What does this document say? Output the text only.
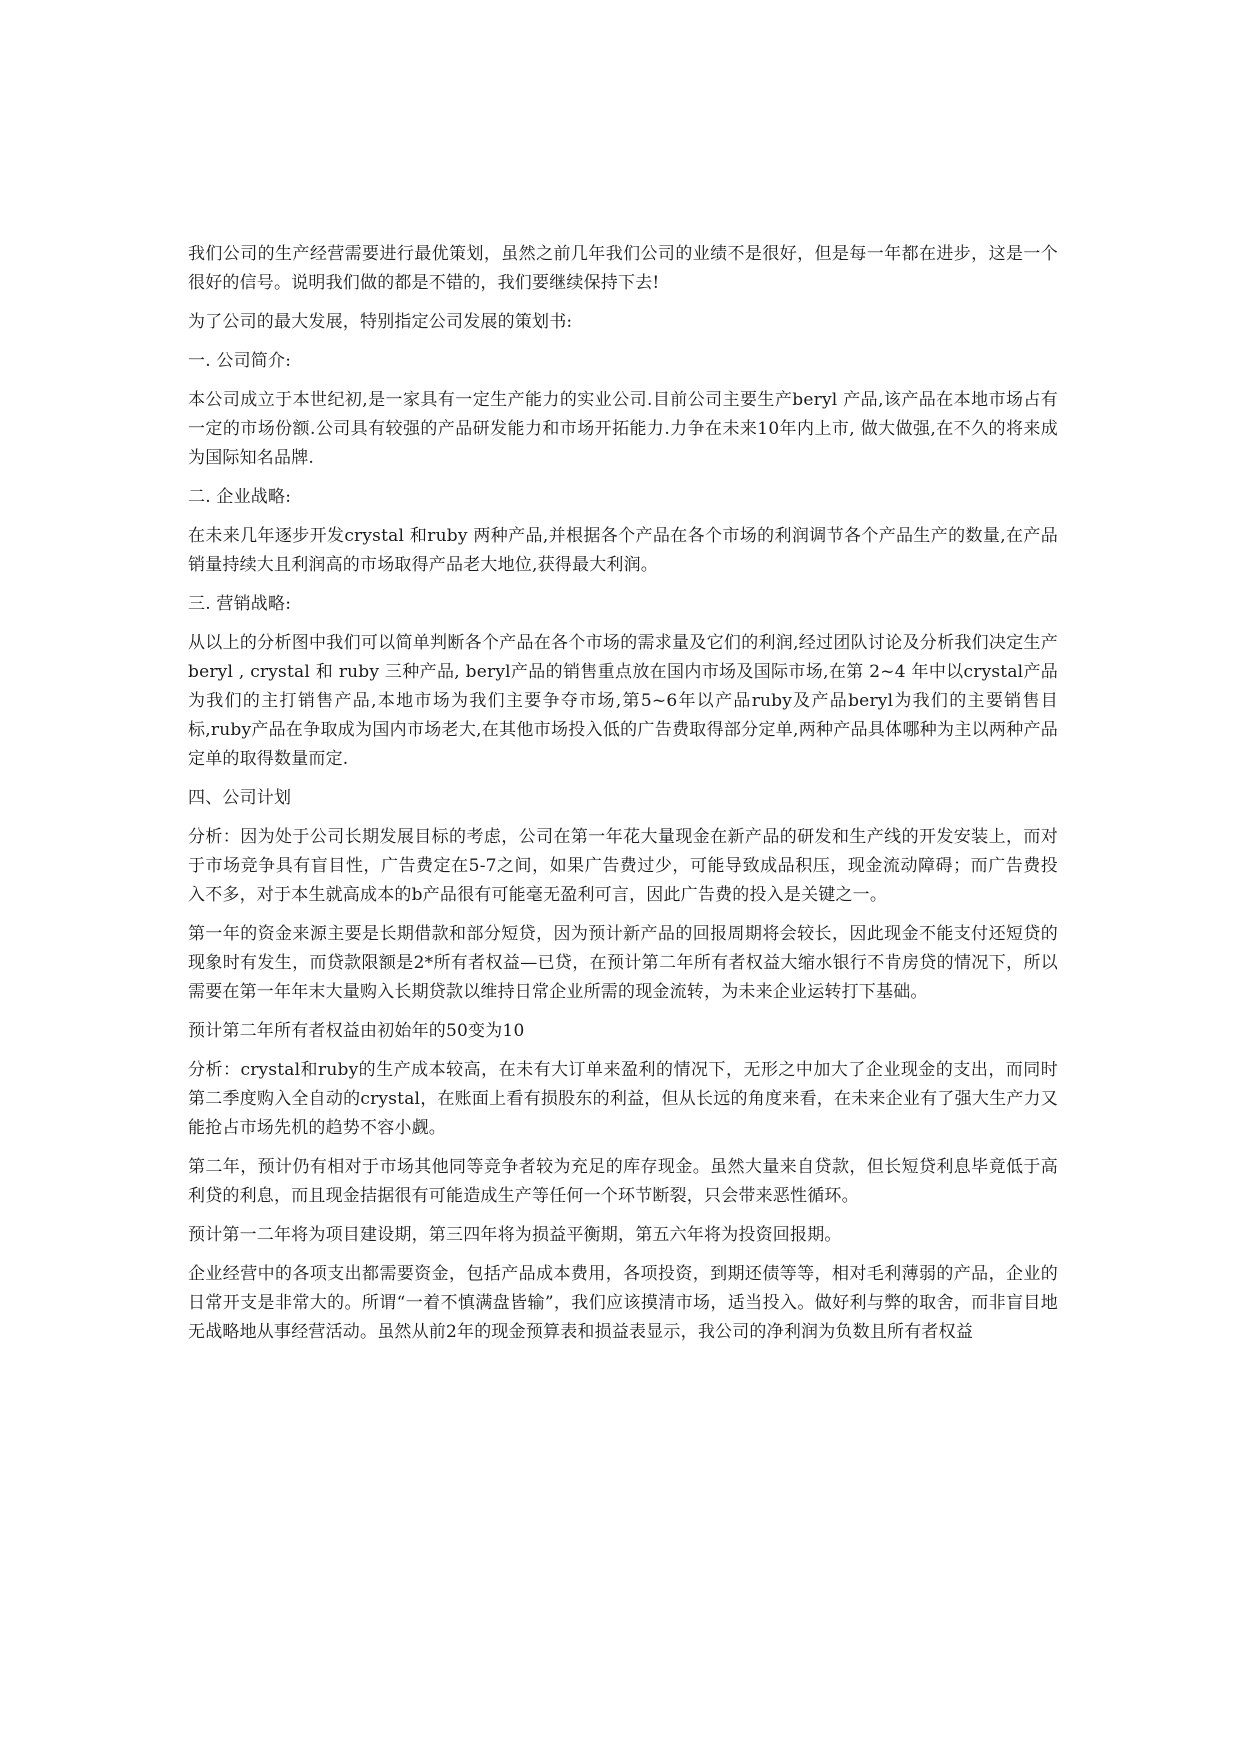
我们公司的生产经营需要进行最优策划，虽然之前几年我们公司的业绩不是很好，但是每一年都在进步，这是一个很好的信号。说明我们做的都是不错的，我们要继续保持下去!

为了公司的最大发展，特别指定公司发展的策划书:

一. 公司简介:

本公司成立于本世纪初,是一家具有一定生产能力的实业公司.目前公司主要生产beryl 产品,该产品在本地市场占有一定的市场份额.公司具有较强的产品研发能力和市场开拓能力.力争在未来10年内上市, 做大做强,在不久的将来成为国际知名品牌.

二. 企业战略:

在未来几年逐步开发crystal 和ruby 两种产品,并根据各个产品在各个市场的利润调节各个产品生产的数量,在产品销量持续大且利润高的市场取得产品老大地位,获得最大利润。

三. 营销战略:

从以上的分析图中我们可以简单判断各个产品在各个市场的需求量及它们的利润,经过团队讨论及分析我们决定生产beryl , crystal 和 ruby 三种产品, beryl产品的销售重点放在国内市场及国际市场,在第 2~4 年中以crystal产品为我们的主打销售产品,本地市场为我们主要争夺市场,第5~6年以产品ruby及产品beryl为我们的主要销售目标,ruby产品在争取成为国内市场老大,在其他市场投入低的广告费取得部分定单,两种产品具体哪种为主以两种产品定单的取得数量而定.

四、公司计划

分析：因为处于公司长期发展目标的考虑，公司在第一年花大量现金在新产品的研发和生产线的开发安装上，而对于市场竞争具有盲目性，广告费定在5-7之间，如果广告费过少，可能导致成品积压，现金流动障碍；而广告费投入不多，对于本生就高成本的b产品很有可能毫无盈利可言，因此广告费的投入是关键之一。

第一年的资金来源主要是长期借款和部分短贷，因为预计新产品的回报周期将会较长，因此现金不能支付还短贷的现象时有发生，而贷款限额是2*所有者权益—已贷，在预计第二年所有者权益大缩水银行不肯房贷的情况下，所以需要在第一年年末大量购入长期贷款以维持日常企业所需的现金流转，为未来企业运转打下基础。

预计第二年所有者权益由初始年的50变为10

分析：crystal和ruby的生产成本较高，在未有大订单来盈利的情况下，无形之中加大了企业现金的支出，而同时第二季度购入全自动的crystal，在账面上看有损股东的利益，但从长远的角度来看，在未来企业有了强大生产力又能抢占市场先机的趋势不容小觑。

第二年，预计仍有相对于市场其他同等竞争者较为充足的库存现金。虽然大量来自贷款，但长短贷利息毕竟低于高利贷的利息，而且现金拮据很有可能造成生产等任何一个环节断裂，只会带来恶性循环。

预计第一二年将为项目建设期，第三四年将为损益平衡期，第五六年将为投资回报期。

企业经营中的各项支出都需要资金，包括产品成本费用，各项投资，到期还债等等，相对毛利薄弱的产品，企业的日常开支是非常大的。所谓“一着不慎满盘皆输”，我们应该摸清市场，适当投入。做好利与弊的取舍，而非盲目地无战略地从事经营活动。虽然从前2年的现金预算表和损益表显示，我公司的净利润为负数且所有者权益
